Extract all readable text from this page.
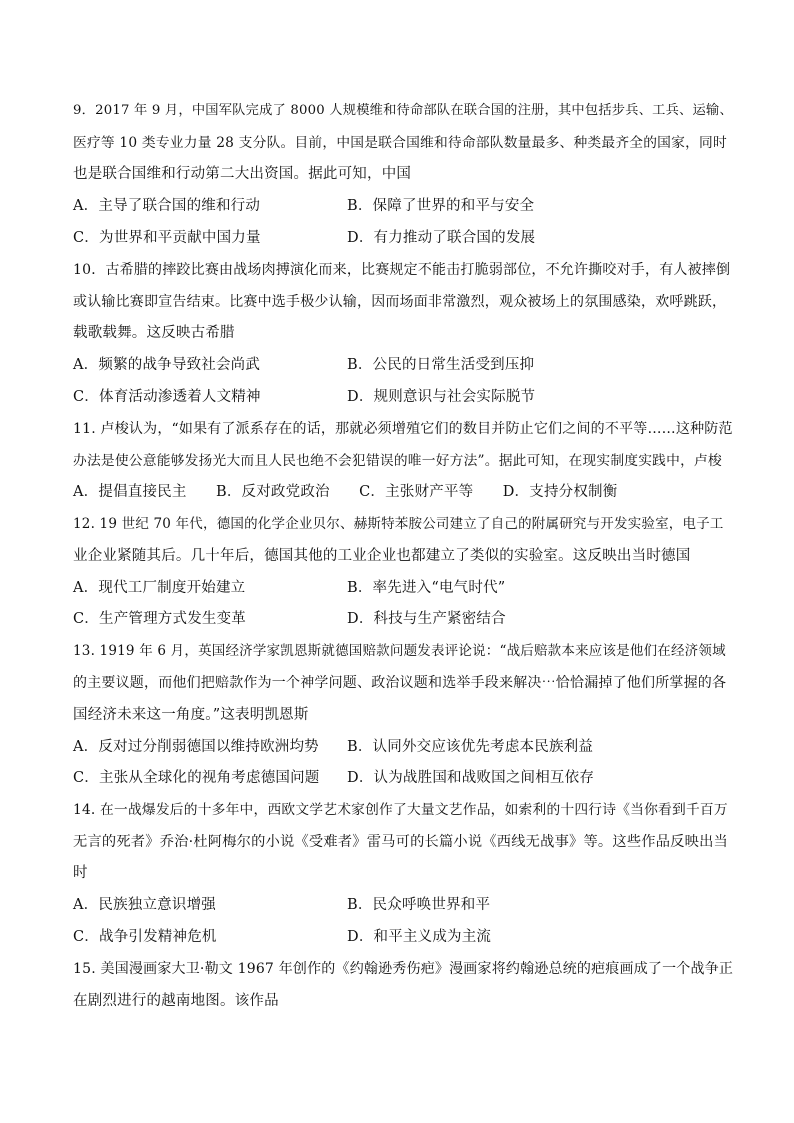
9．2017 年 9 月，中国军队完成了 8000 人规模维和待命部队在联合国的注册，其中包括步兵、工兵、运输、
医疗等 10 类专业力量 28 支分队。目前，中国是联合国维和待命部队数量最多、种类最齐全的国家，同时
也是联合国维和行动第二大出资国。据此可知，中国
A．主导了联合国的维和行动	B．保障了世界的和平与安全
C．为世界和平贡献中国力量	D．有力推动了联合国的发展
10．古希腊的摔跤比赛由战场肉搏演化而来，比赛规定不能击打脆弱部位，不允许撕咬对手，有人被摔倒
或认输比赛即宣告结束。比赛中选手极少认输，因而场面非常激烈，观众被场上的氛围感染，欢呼跳跃，
载歌载舞。这反映古希腊
A．频繁的战争导致社会尚武	B．公民的日常生活受到压抑
C．体育活动渗透着人文精神	D．规则意识与社会实际脱节
11. 卢梭认为，“如果有了派系存在的话，那就必须增殖它们的数目并防止它们之间的不平等……这种防范
办法是使公意能够发扬光大而且人民也绝不会犯错误的唯一好方法”。据此可知，在现实制度实践中，卢梭
A．提倡直接民主　　B．反对政党政治　　C．主张财产平等　　D．支持分权制衡
12. 19 世纪 70 年代，德国的化学企业贝尔、赫斯特苯胺公司建立了自己的附属研究与开发实验室，电子工
业企业紧随其后。几十年后，德国其他的工业企业也都建立了类似的实验室。这反映出当时德国
A．现代工厂制度开始建立	B．率先进入“电气时代”
C．生产管理方式发生变革	D．科技与生产紧密结合
13. 1919 年 6 月，英国经济学家凯恩斯就德国赔款问题发表评论说：“战后赔款本来应该是他们在经济领域
的主要议题，而他们把赔款作为一个神学问题、政治议题和选举手段来解决⋯恰恰漏掉了他们所掌握的各
国经济未来这一角度。”这表明凯恩斯
A．反对过分削弱德国以维持欧洲均势 B．认同外交应该优先考虑本民族利益
C．主张从全球化的视角考虑德国问题 D．认为战胜国和战败国之间相互依存
14. 在一战爆发后的十多年中，西欧文学艺术家创作了大量文艺作品，如索利的十四行诗《当你看到千百万
无言的死者》乔治·杜阿梅尔的小说《受难者》雷马可的长篇小说《西线无战事》等。这些作品反映出当
时
A．民族独立意识增强	B．民众呼唤世界和平
C．战争引发精神危机	D．和平主义成为主流
15. 美国漫画家大卫·勒文 1967 年创作的《约翰逊秀伤疤》漫画家将约翰逊总统的疤痕画成了一个战争正
在剧烈进行的越南地图。该作品
